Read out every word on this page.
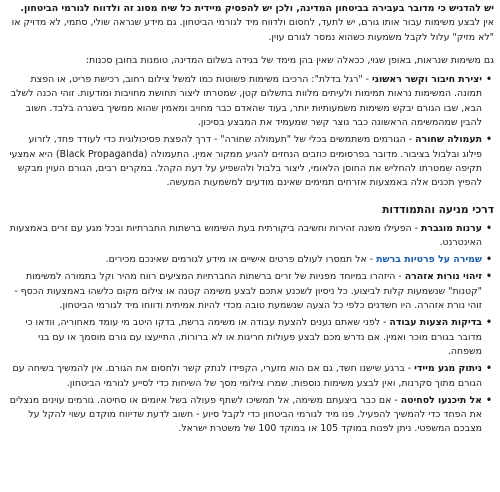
יש להדגיש כי מדובר בעבירה בביטחון המדינה, ולכן יש להפסיק מיידית כל שיח מסוג זה ולדווח לגורמי הביטחון. אין לבצע משימות עבור אותו גורם, יש לתעד, לחסום ולדווח מיד לגורמי הביטחון. גם מידע שנראה שולי, סתמי, לא מדויק או "לא מזיק" עלול לקבל משמעות כשהוא נמסר לגורם עוין.

גם משימות שנראות, באופן שגוי, ככאלה שאין בהן מימד של בגידה בשלום המדינה, טומנות בחובן סכנות:

•
יצירת חיבור וקשר ראשוני - "רגל בדלת": הרכיבו משימות פשוטות כמו למשל צילום רחוב, רכישת פריט, או הפצת תמונה. המשימות נראות תמימות ולעיתים מלוות בתשלום קטן, שמטרתו ליצור תחושת מחויבות ומודעות. זוהי הכנה לשלב הבא, שבו הגורם יבקש משימות משמעותיות יותר, בעוד שהאדם כבר מחויב ומאמין שהוא ממשיך בשגרה בלבד. חשוב להבין שמהמשימה הראשונה כבר נוצר קשר שמעמיד את המבצע בסיכון.
•
תעמולה שחורה - הגורמים משתמשים בכלי של "תעמולה שחורה" - דרך להפצת פסיכולוגית כדי לעודד פחד, לזרוע פילוג ובלבול בציבור. מדובר בפרסומים כוזבים הנחזים להגיע ממקור אמין. התעמולה (Black Propaganda) היא אמצעי תקיפה שמטרתו להחליש את החוסן הלאומי, ליצור בלבול ולהשפיע על דעת הקהל. במקרים רבים, הגורם העוין מבקש להפיץ תכנים אלה באמצעות אזרחים תמימים שאינם מודעים למשמעות המעשה.
דרכי מניעה והתמודדות
•
ערנות מוגברת - הפעילו משנה זהירות וחשיבה ביקורתית בעת השימוש ברשתות החברתיות ובכל מגע עם זרים באמצעות האינטרנט.
•
שמירה על פרטיות ברשת - אל תמסרו לעולם פרטים אישיים או מידע לגורמים שאינכם מכירים.
•
זיהוי נורות אזהרה - היזהרו במיוחד מפניות של זרים ברשתות החברתיות המציעים רווח מהיר וקל בתמורה למשימות "קטנות" שנשמעות קלות לביצוע. כל ניסיון לשכנע אתכם לבצע משימה קטנה או צילום מקום כלשהו באמצעות הכסף - זוהי נורת אזהרה. היו חשדנים כלפי כל הצעה שנשמעת טובה מכדי להיות אמיתית ודווחו מיד לגורמי הביטחון.
•
בדיקות הצעות עבודה - לפני שאתם נענים להצעת עבודה או משימה ברשת, בדקו היטב מי עומד מאחוריה, וודאו כי מדובר בגורם מוכר ואמין. אם נדרש מכם לבצע פעולות חריגות או לא ברורות, התייעצו עם גורם מוסמך או עם בני משפחה.
•
ניתוק מגע מיידי - ברגע שישנו חשד, גם אם הוא מזערי, הקפידו לנתק קשר ולחסום את הגורם. אין להמשיך בשיחה עם הגורם מתוך סקרנות, ואין לבצע משימות נוספות. שמרו צילומי מסך של השיחות כדי לסייע לגורמי הביטחון.
•
אל תיכנעו לסחיטה - אם כבר ביצעתם משימה, אל תמשיכו לשתף פעולה בשל איומים או סחיטה. גורמים עוינים מנצלים את הפחד כדי להמשיך להפעיל. פנו מיד לגורמי הביטחון כדי לקבל סיוע - חשוב לדעת שדיווח מוקדם עשוי להקל על מצבכם המשפטי. ניתן לפנות במוקד 105 או במוקד 100 של משטרת ישראל.
